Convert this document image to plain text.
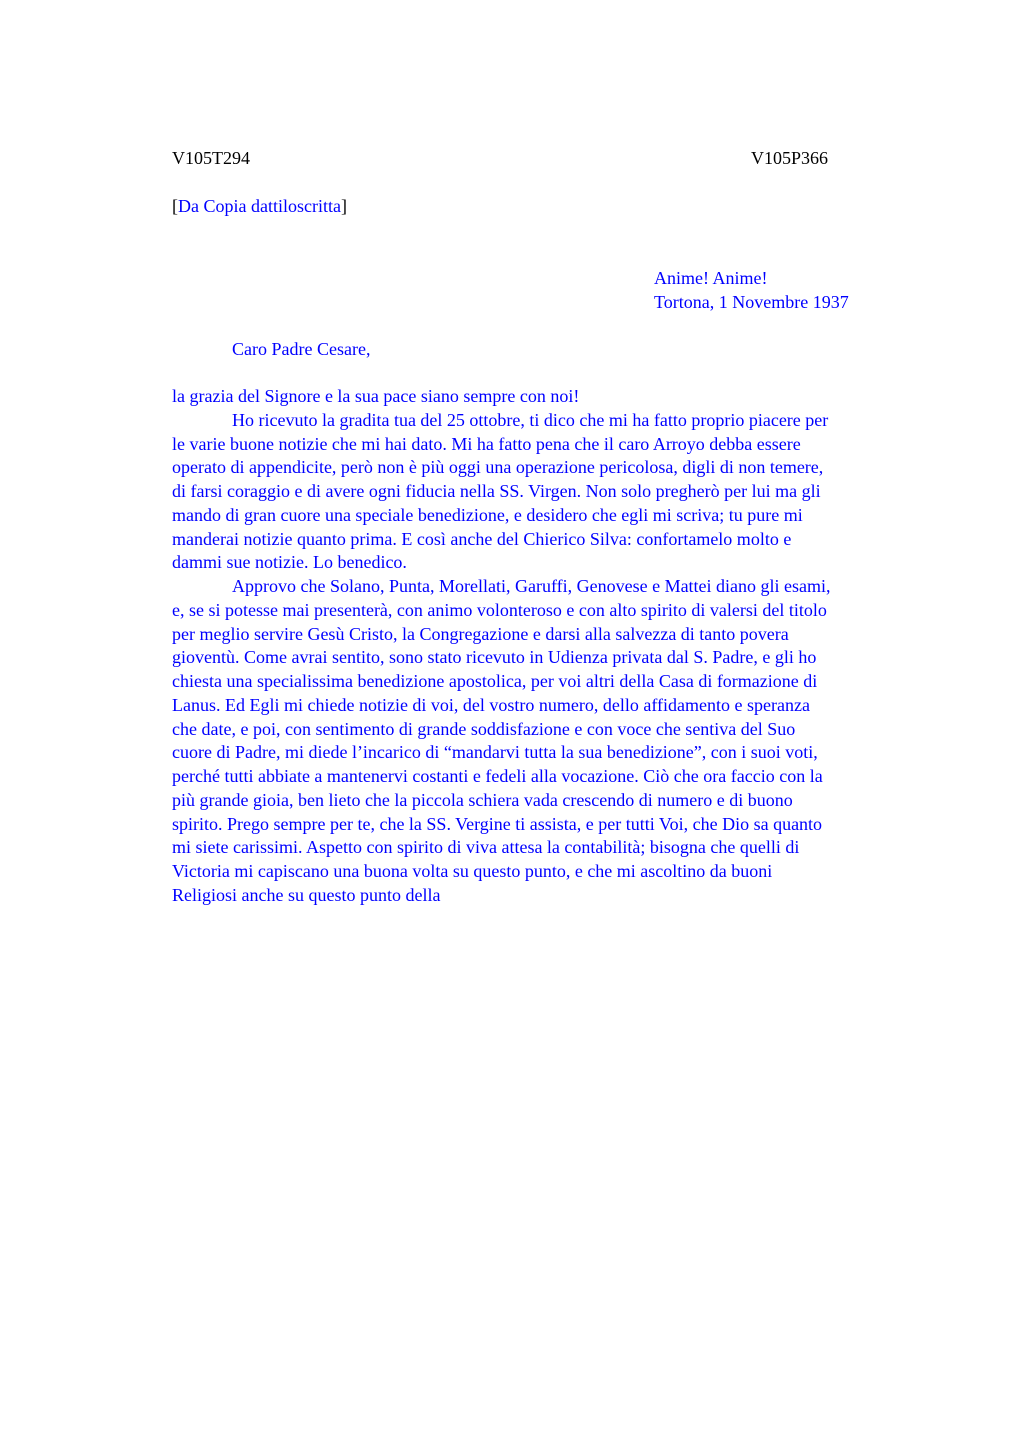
V105T294	V105P366
[Da Copia dattiloscritta]
Anime! Anime!
Tortona, 1 Novembre 1937
Caro Padre Cesare,
la grazia del Signore e la sua pace siano sempre con noi!
Ho ricevuto la gradita tua del 25 ottobre, ti dico che mi ha fatto proprio piacere per
le varie buone notizie che mi hai dato. Mi ha fatto pena che il caro Arroyo debba essere
operato di appendicite, però non è più oggi una operazione pericolosa, digli di non temere,
di farsi coraggio e di avere ogni fiducia nella SS. Virgen. Non solo pregherò per lui ma gli
mando di gran cuore una speciale benedizione, e desidero che egli mi scriva; tu pure mi
manderai notizie quanto prima. E così anche del Chierico Silva: confortamelo molto e
dammi sue notizie. Lo benedico.
Approvo che Solano, Punta, Morellati, Garuffi, Genovese e Mattei diano gli esami,
e, se si potesse mai presenterà, con animo volonteroso e con alto spirito di valersi del titolo
per meglio servire Gesù Cristo, la Congregazione e darsi alla salvezza di tanto povera
gioventù. Come avrai sentito, sono stato ricevuto in Udienza privata dal S. Padre, e gli ho
chiesta una specialissima benedizione apostolica, per voi altri della Casa di formazione di
Lanus. Ed Egli mi chiede notizie di voi, del vostro numero, dello affidamento e speranza
che date, e poi, con sentimento di grande soddisfazione e con voce che sentiva del Suo
cuore di Padre, mi diede l’incarico di “mandarvi tutta la sua benedizione”, con i suoi voti,
perché tutti abbiate a mantenervi costanti e fedeli alla vocazione. Ciò che ora faccio con la
più grande gioia, ben lieto che la piccola schiera vada crescendo di numero e di buono
spirito. Prego sempre per te, che la SS. Vergine ti assista, e per tutti Voi, che Dio sa quanto
mi siete carissimi. Aspetto con spirito di viva attesa la contabilità; bisogna che quelli di
Victoria mi capiscano una buona volta su questo punto, e che mi ascoltino da buoni
Religiosi anche su questo punto della
